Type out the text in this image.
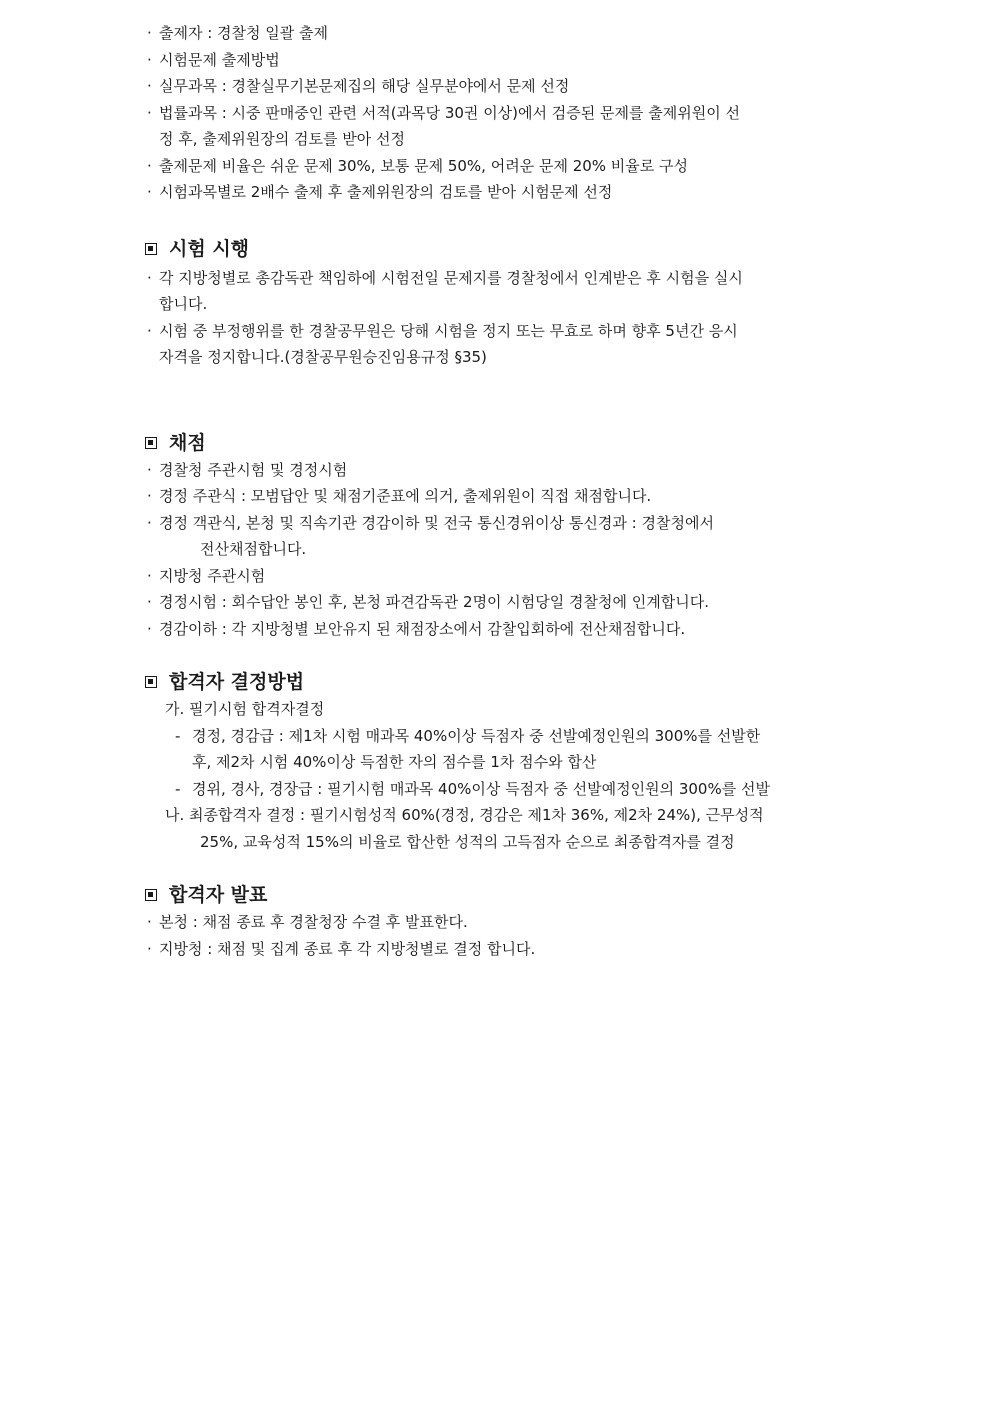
· 출제자 : 경찰청 일괄 출제
· 시험문제 출제방법
· 실무과목 : 경찰실무기본문제집의 해당 실무분야에서 문제 선정
· 법률과목 : 시중 판매중인 관련 서적(과목당 30권 이상)에서 검증된 문제를 출제위원이 선
정 후, 출제위원장의 검토를 받아 선정
· 출제문제 비율은 쉬운 문제 30%, 보통 문제 50%, 어려운 문제 20% 비율로 구성
· 시험과목별로 2배수 출제 후 출제위원장의 검토를 받아 시험문제 선정
시험 시행
· 각 지방청별로 총감독관 책임하에 시험전일 문제지를 경찰청에서 인계받은 후 시험을 실시
합니다.
· 시험 중 부정행위를 한 경찰공무원은 당해 시험을 정지 또는 무효로 하며 향후 5년간 응시
자격을 정지합니다.(경찰공무원승진임용규정 §35)
채점
· 경찰청 주관시험 및 경정시험
· 경정 주관식 : 모범답안 및 채점기준표에 의거, 출제위원이 직접 채점합니다.
· 경정 객관식, 본청 및 직속기관 경감이하 및 전국 통신경위이상 통신경과 : 경찰청에서
전산채점합니다.
· 지방청 주관시험
· 경정시험 : 회수답안 봉인 후, 본청 파견감독관 2명이 시험당일 경찰청에 인계합니다.
· 경감이하 : 각 지방청별 보안유지 된 채점장소에서 감찰입회하에 전산채점합니다.
합격자 결정방법
가. 필기시험 합격자결정
- 경정, 경감급 : 제1차 시험 매과목 40%이상 득점자 중 선발예정인원의 300%를 선발한
후, 제2차 시험 40%이상 득점한 자의 점수를 1차 점수와 합산
- 경위, 경사, 경장급 : 필기시험 매과목 40%이상 득점자 중 선발예정인원의 300%를 선발
나. 최종합격자 결정 : 필기시험성적 60%(경정, 경감은 제1차 36%, 제2차 24%), 근무성적
25%, 교육성적 15%의 비율로 합산한 성적의 고득점자 순으로 최종합격자를 결정
합격자 발표
· 본청 : 채점 종료 후 경찰청장 수결 후 발표한다.
· 지방청 : 채점 및 집계 종료 후 각 지방청별로 결정 합니다.
